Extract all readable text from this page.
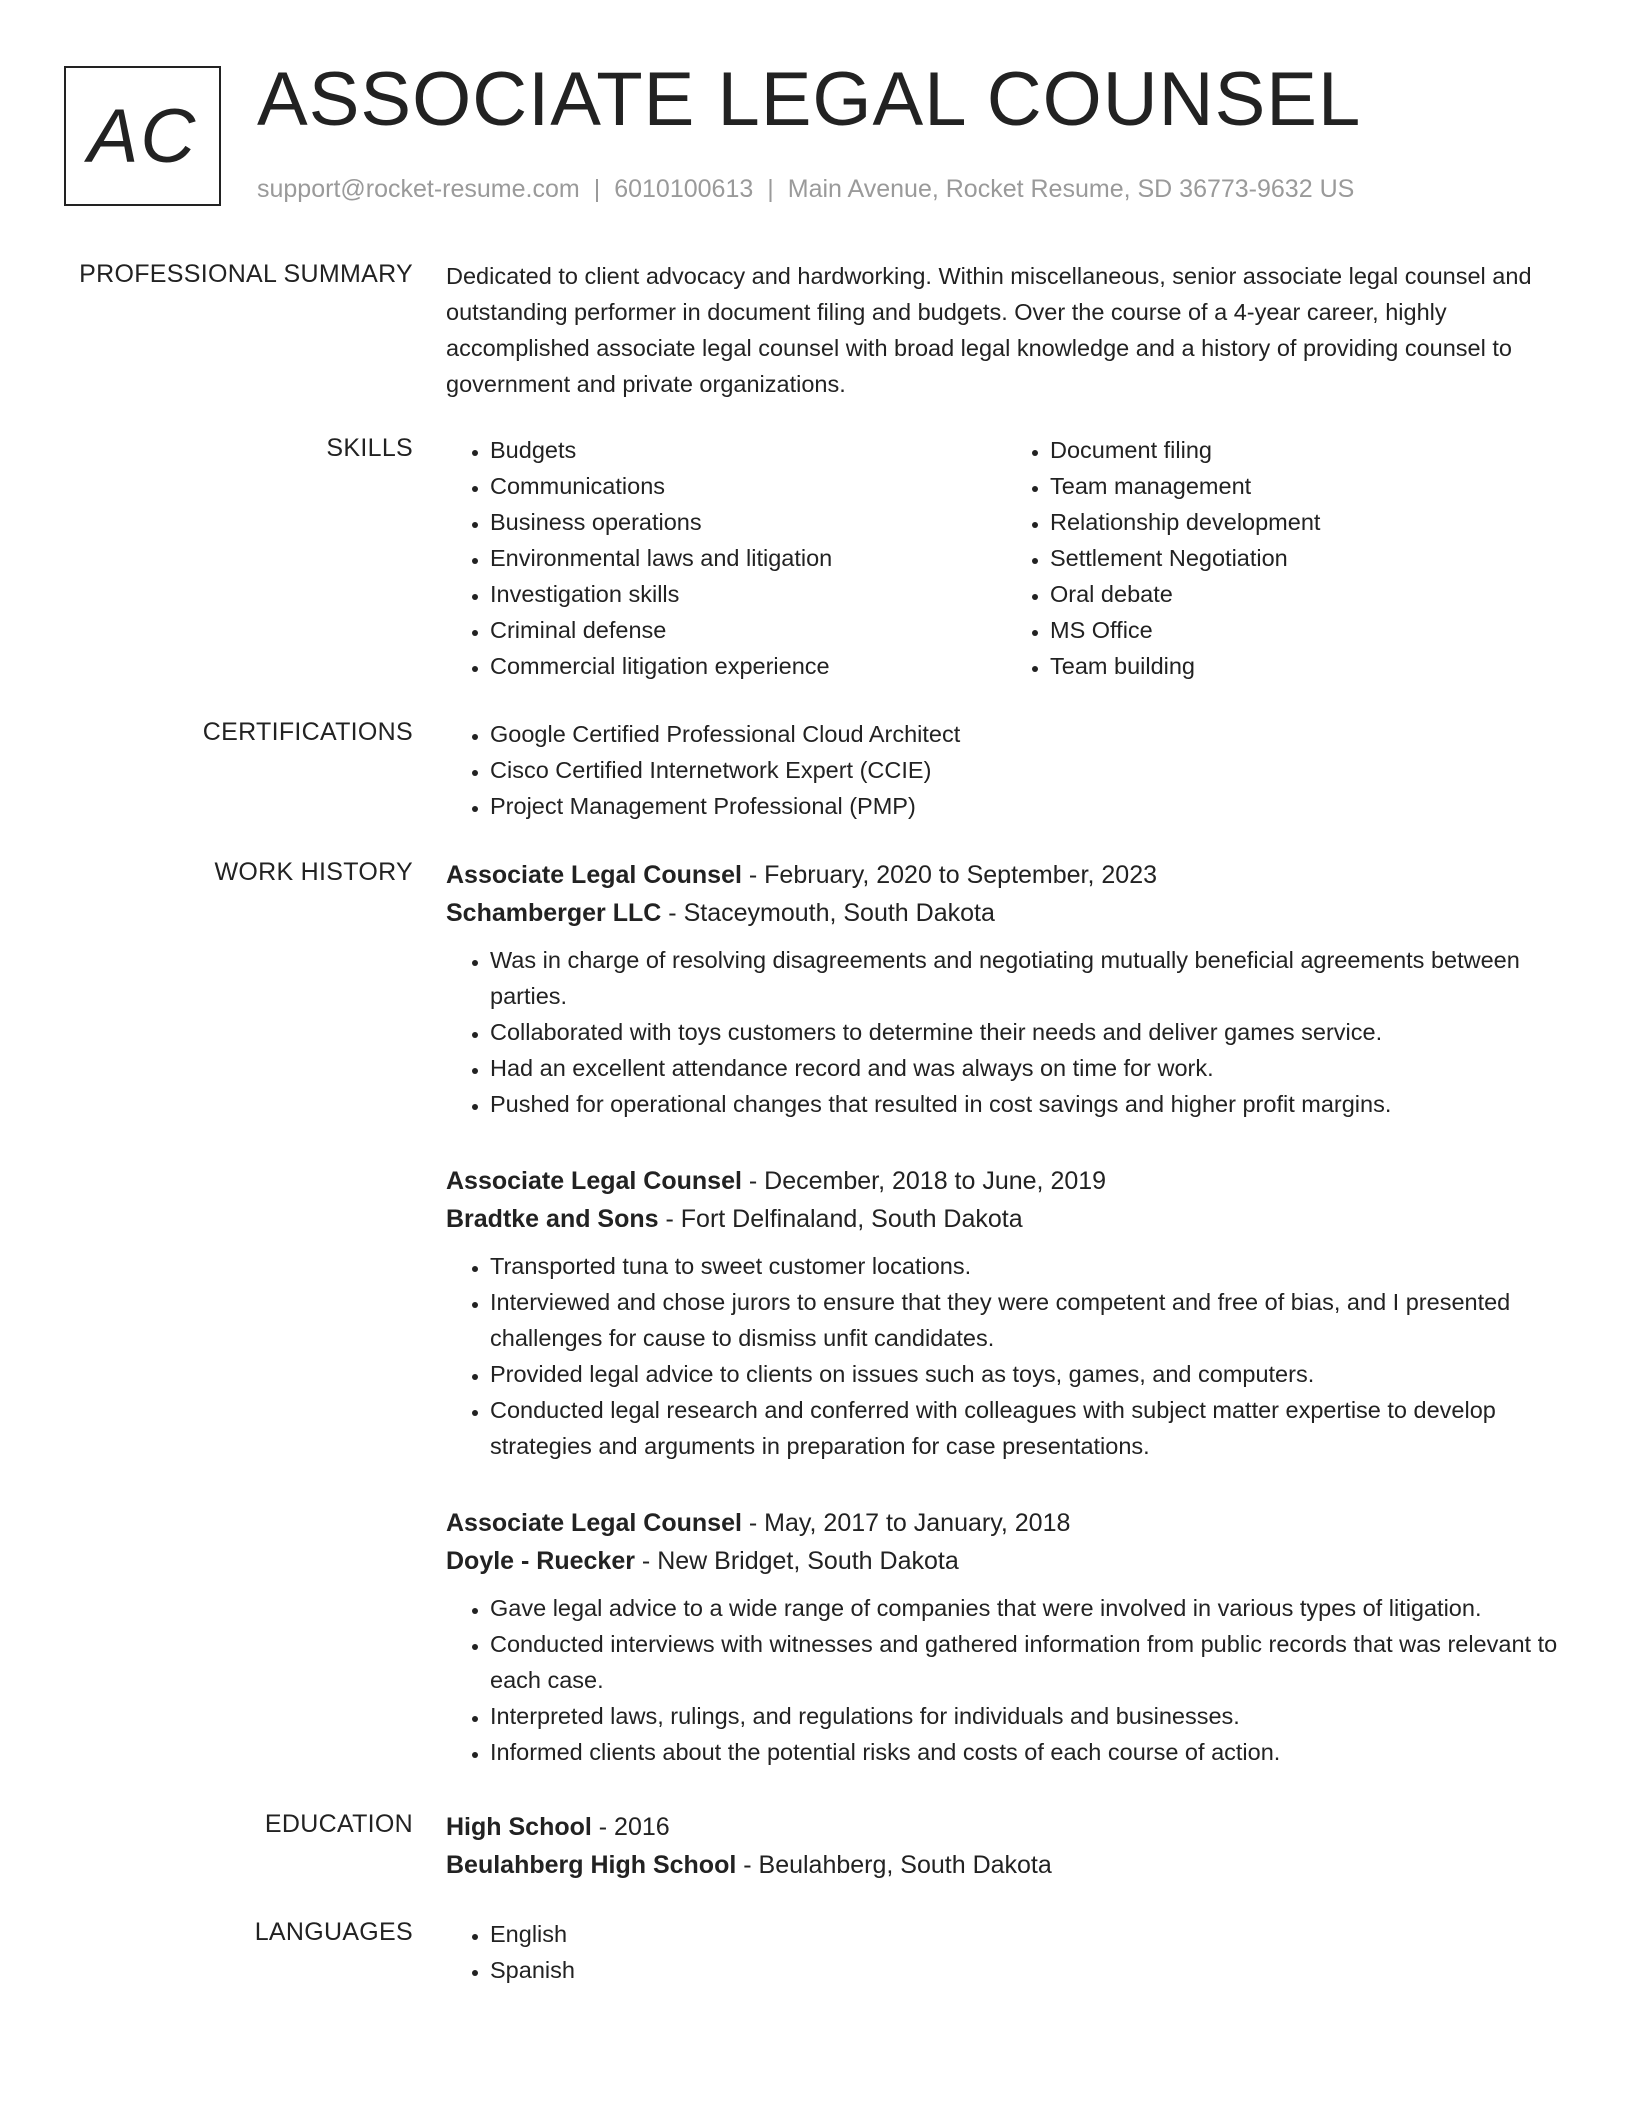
AC ASSOCIATE LEGAL COUNSEL
support@rocket-resume.com | 6010100613 | Main Avenue, Rocket Resume, SD 36773-9632 US
PROFESSIONAL SUMMARY Dedicated to client advocacy and hardworking. Within miscellaneous, senior associate legal counsel and outstanding performer in document filing and budgets. Over the course of a 4-year career, highly accomplished associate legal counsel with broad legal knowledge and a history of providing counsel to government and private organizations.

SKILLS	• Budgets
• Communications
• Business operations
• Environmental laws and litigation
• Investigation skills
• Criminal defense
• Commercial litigation experience
• Document filing
• Team management
• Relationship development
• Settlement Negotiation
• Oral debate
• MS Office
• Team building
CERTIFICATIONS	• Google Certified Professional Cloud Architect
• Cisco Certified Internetwork Expert (CCIE)
• Project Management Professional (PMP)
WORK HISTORY Associate Legal Counsel - February, 2020 to September, 2023
Schamberger LLC - Staceymouth, South Dakota
• Was in charge of resolving disagreements and negotiating mutually beneficial agreements between parties.
• Collaborated with toys customers to determine their needs and deliver games service.
• Had an excellent attendance record and was always on time for work.
• Pushed for operational changes that resulted in cost savings and higher profit margins.
Associate Legal Counsel - December, 2018 to June, 2019
Bradtke and Sons - Fort Delfinaland, South Dakota
• Transported tuna to sweet customer locations.
• Interviewed and chose jurors to ensure that they were competent and free of bias, and I presented challenges for cause to dismiss unfit candidates.
• Provided legal advice to clients on issues such as toys, games, and computers.
• Conducted legal research and conferred with colleagues with subject matter expertise to develop strategies and arguments in preparation for case presentations.
Associate Legal Counsel - May, 2017 to January, 2018
Doyle - Ruecker - New Bridget, South Dakota
• Gave legal advice to a wide range of companies that were involved in various types of litigation.
• Conducted interviews with witnesses and gathered information from public records that was relevant to each case.
• Interpreted laws, rulings, and regulations for individuals and businesses.
• Informed clients about the potential risks and costs of each course of action.
EDUCATION High School - 2016
Beulahberg High School - Beulahberg, South Dakota
LANGUAGES	• English
• Spanish
